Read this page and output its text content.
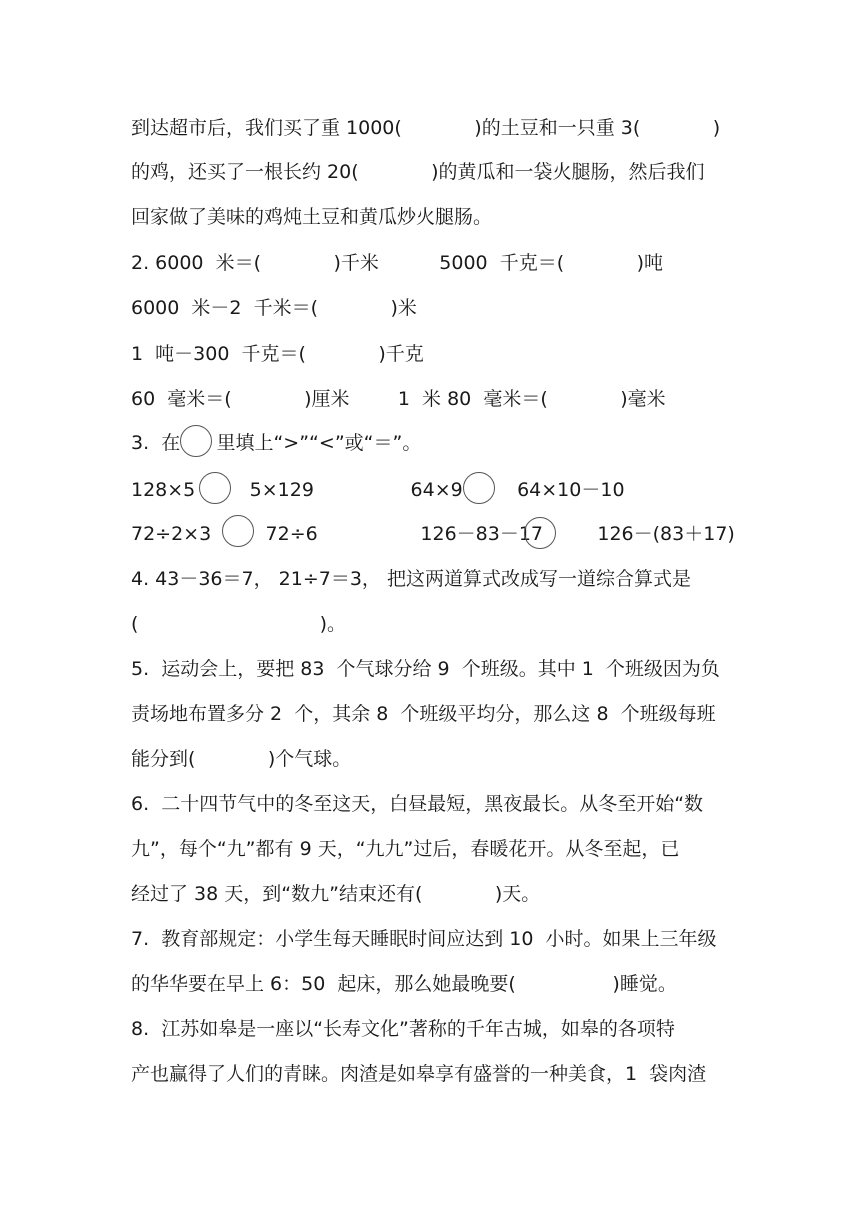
到达超市后，我们买了重 1000(            )的土豆和一只重 3(            )
的鸡，还买了一根长约 20(            )的黄瓜和一袋火腿肠，然后我们
回家做了美味的鸡炖土豆和黄瓜炒火腿肠。
2. 6000  米＝(            )千米          5000  千克＝(            )吨
6000  米－2  千米＝(            )米
1  吨－300  千克＝(            )千克
60  毫米＝(            )厘米        1  米 80  毫米＝(            )毫米
3.  在      里填上“>”“<”或“＝”。
128×5         5×129                64×9         64×10－10
72÷2×3         72÷6                 126－83－17         126－(83＋17)
4. 43－36＝7， 21÷7＝3， 把这两道算式改成写一道综合算式是
(                              )。
5.  运动会上，要把 83  个气球分给 9  个班级。其中 1  个班级因为负
责场地布置多分 2  个，其余 8  个班级平均分，那么这 8  个班级每班
能分到(            )个气球。
6.  二十四节气中的冬至这天，白昼最短，黑夜最长。从冬至开始“数
九”，每个“九”都有 9 天，“九九”过后，春暖花开。从冬至起，已
经过了 38 天，到“数九”结束还有(            )天。
7.  教育部规定：小学生每天睡眠时间应达到 10  小时。如果上三年级
的华华要在早上 6：50  起床，那么她最晚要(                )睡觉。
8.  江苏如皋是一座以“长寿文化”著称的千年古城，如皋的各项特
产也赢得了人们的青睐。肉渣是如皋享有盛誉的一种美食，1  袋肉渣
